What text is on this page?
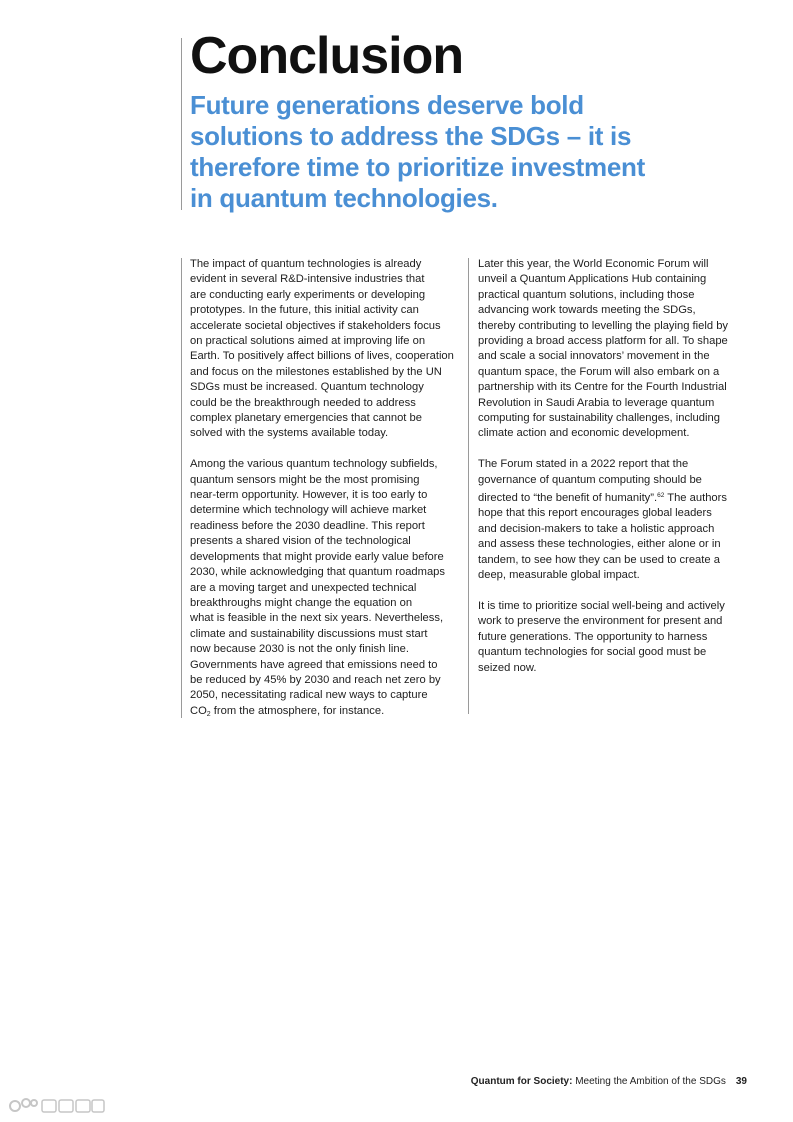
Conclusion
Future generations deserve bold
solutions to address the SDGs – it is
therefore time to prioritize investment
in quantum technologies.

The impact of quantum technologies is already
evident in several R&D-intensive industries that
are conducting early experiments or developing
prototypes. In the future, this initial activity can
accelerate societal objectives if stakeholders focus
on practical solutions aimed at improving life on
Earth. To positively affect billions of lives, cooperation
and focus on the milestones established by the UN
SDGs must be increased. Quantum technology
could be the breakthrough needed to address
complex planetary emergencies that cannot be
solved with the systems available today.

Among the various quantum technology subfields,
quantum sensors might be the most promising
near-term opportunity. However, it is too early to
determine which technology will achieve market
readiness before the 2030 deadline. This report
presents a shared vision of the technological
developments that might provide early value before
2030, while acknowledging that quantum roadmaps
are a moving target and unexpected technical
breakthroughs might change the equation on
what is feasible in the next six years. Nevertheless,
climate and sustainability discussions must start
now because 2030 is not the only finish line.
Governments have agreed that emissions need to
be reduced by 45% by 2030 and reach net zero by
2050, necessitating radical new ways to capture
$CO_2$ from the atmosphere, for instance.

Later this year, the World Economic Forum will
unveil a Quantum Applications Hub containing
practical quantum solutions, including those
advancing work towards meeting the SDGs,
thereby contributing to levelling the playing field by
providing a broad access platform for all. To shape
and scale a social innovators’ movement in the
quantum space, the Forum will also embark on a
partnership with its Centre for the Fourth Industrial
Revolution in Saudi Arabia to leverage quantum
computing for sustainability challenges, including
climate action and economic development.

The Forum stated in a 2022 report that the
governance of quantum computing should be
directed to “the benefit of humanity”.$^{62}$ The authors
hope that this report encourages global leaders
and decision-makers to take a holistic approach
and assess these technologies, either alone or in
tandem, to see how they can be used to create a
deep, measurable global impact.

It is time to prioritize social well-being and actively
work to preserve the environment for present and
future generations. The opportunity to harness
quantum technologies for social good must be
seized now.

Quantum for Society: Meeting the Ambition of the SDGs 39
